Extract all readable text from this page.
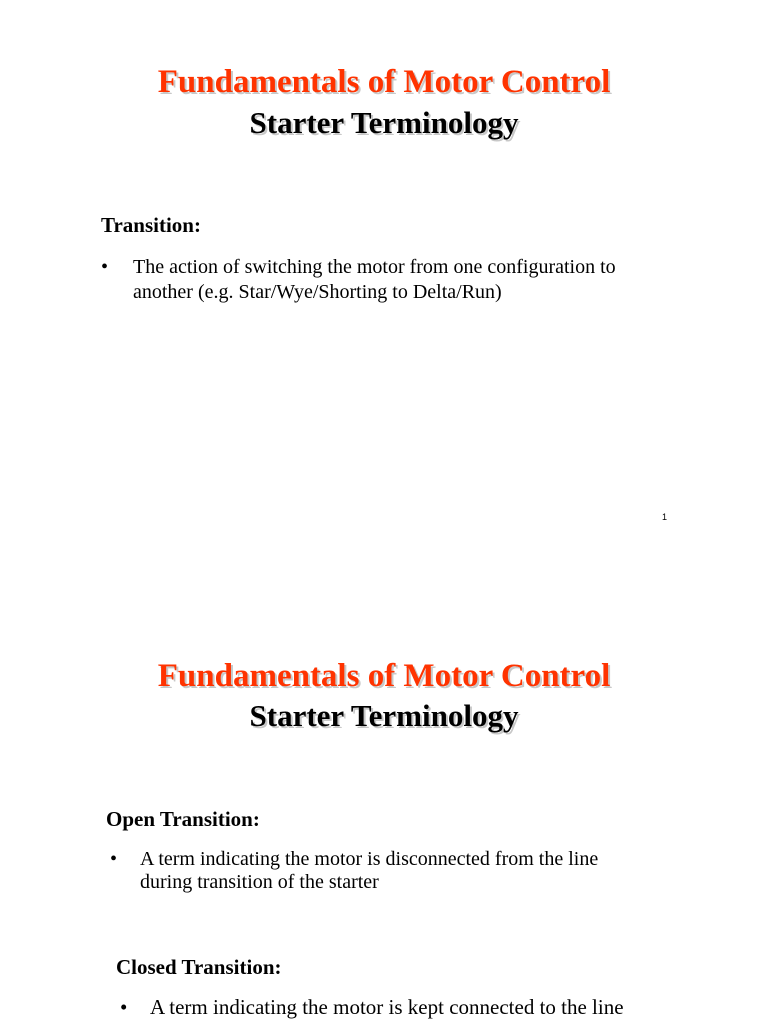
Fundamentals of Motor Control
Starter Terminology
Transition:
• The action of switching the motor from one configuration to
another (e.g. Star/Wye/Shorting to Delta/Run)
1
Fundamentals of Motor Control
Starter Terminology
Open Transition:
• A term indicating the motor is disconnected from the line
during transition of the starter
Closed Transition:
• A term indicating the motor is kept connected to the line
